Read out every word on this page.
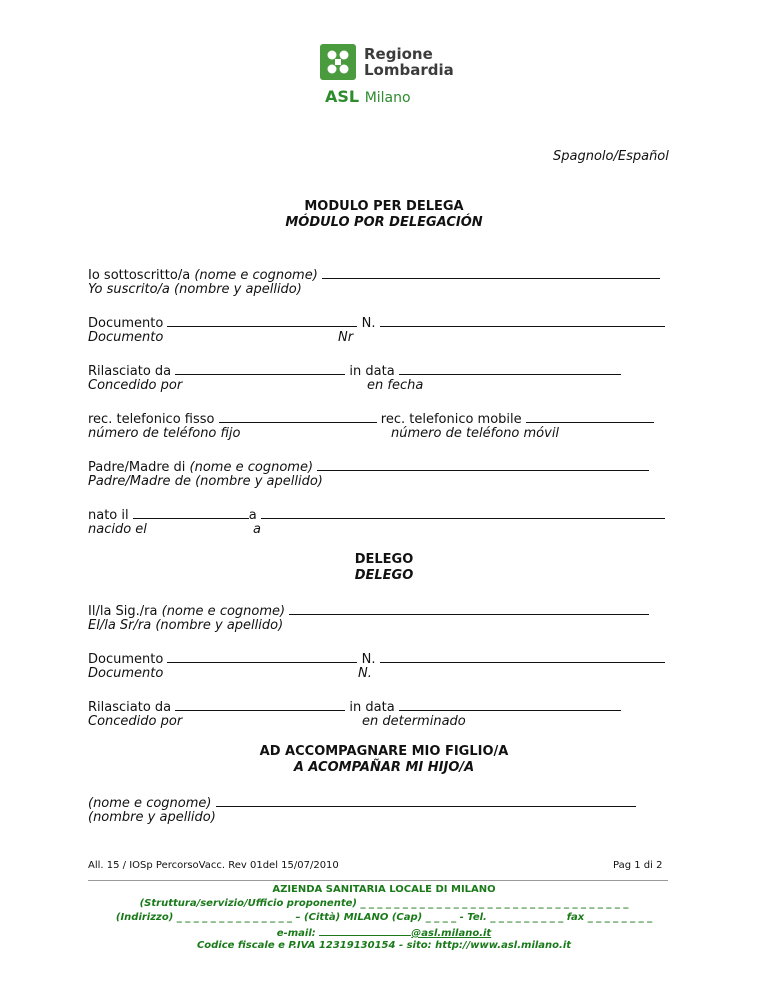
Regione
Lombardia
ASL Milano
Spagnolo/Español
MODULO PER DELEGA
MÓDULO POR DELEGACIÓN
Io sottoscritto/a (nome e cognome)
Yo suscrito/a (nombre y apellido)
Documento	N.
Documento	Nr
Rilasciato da	in data
Concedido por	en fecha
rec. telefonico fisso	rec. telefonico mobile
número de teléfono fijo	número de teléfono móvil
Padre/Madre di (nome e cognome)
Padre/Madre de (nombre y apellido)
nato il	a
nacido el	a
DELEGO
DELEGO
Il/la Sig./ra (nome e cognome)
El/la Sr/ra (nombre y apellido)
Documento	N.
Documento	N.
Rilasciato da	in data
Concedido por	en determinado
AD ACCOMPAGNARE MIO FIGLIO/A
A ACOMPAÑAR MI HIJO/A
(nome e cognome)
(nombre y apellido)
All. 15 / IOSp PercorsoVacc. Rev 01del 15/07/2010	Pag 1 di 2
AZIENDA SANITARIA LOCALE DI MILANO
(Struttura/servizio/Ufficio proponente) _ _ _ _ _ _ _ _ _ _ _ _ _ _ _ _ _ _ _ _ _ _ _ _ _ _ _ _ _ _ _ _
(Indirizzo) _ _ _ _ _ _ _ _ _ _ _ _ _ _ – (Città) MILANO (Cap) _ _ _ _ - Tel. _ _ _ _ _ _ _ _ _ fax _ _ _ _ _ _ _ _
e-mail:	@asl.milano.it
Codice fiscale e P.IVA 12319130154 - sito: http://www.asl.milano.it
